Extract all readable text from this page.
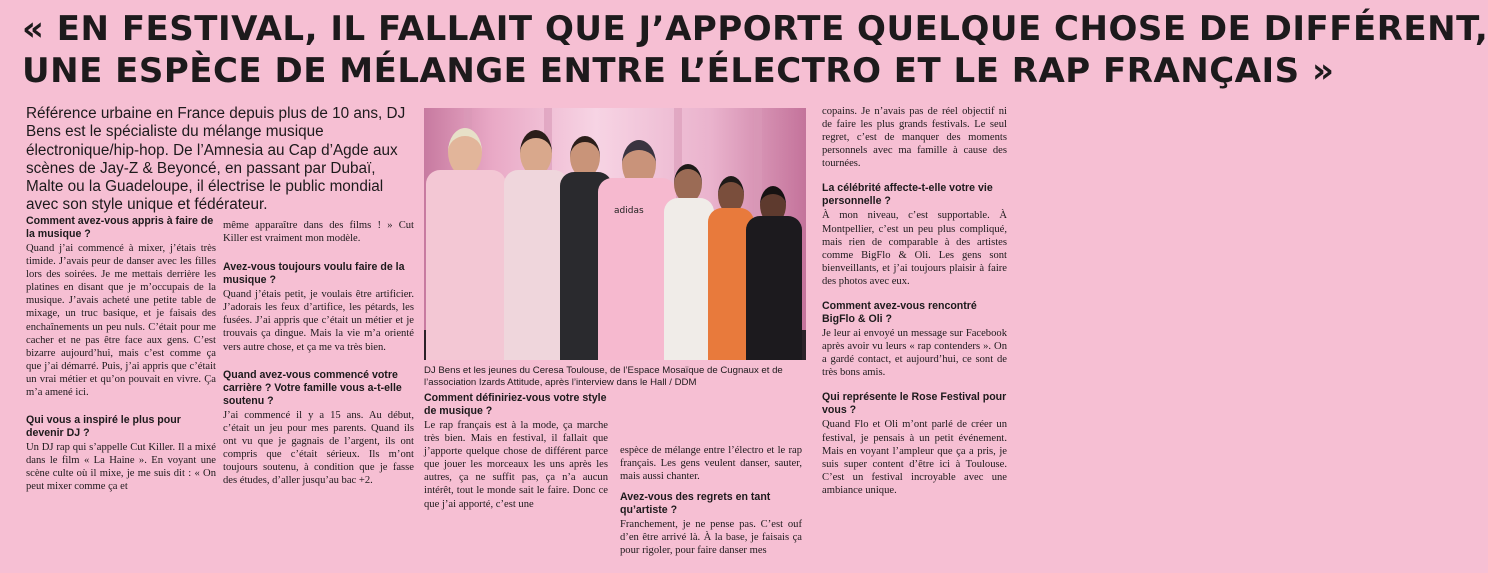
« EN FESTIVAL, IL FALLAIT QUE J’APPORTE QUELQUE CHOSE DE DIFFÉRENT,
UNE ESPÈCE DE MÉLANGE ENTRE L’ÉLECTRO ET LE RAP FRANÇAIS »

Référence urbaine en France depuis plus de 10 ans, DJ Bens est le spécialiste du mélange musique électronique/hip-hop. De l’Amnesia au Cap d’Agde aux scènes de Jay-Z & Beyoncé, en passant par Dubaï, Malte ou la Guadeloupe, il électrise le public mondial avec son style unique et fédérateur.

Comment avez-vous appris à faire de la musique ?

Quand j’ai commencé à mixer, j’étais très timide. J’avais peur de danser avec les filles lors des soirées. Je me mettais derrière les platines en disant que je m’occupais de la musique. J’avais acheté une petite table de mixage, un truc basique, et je faisais des enchaînements un peu nuls. C’était pour me cacher et ne pas être face aux gens. C’est bizarre aujourd’hui, mais c’est comme ça que j’ai démarré. Puis, j’ai appris que c’était un vrai métier et qu’on pouvait en vivre. Ça m’a amené ici.

Qui vous a inspiré le plus pour devenir DJ ?

Un DJ rap qui s’appelle Cut Killer. Il a mixé dans le film « La Haine ». En voyant une scène culte où il mixe, je me suis dit : « On peut mixer comme ça et

même apparaître dans des films ! » Cut Killer est vraiment mon modèle.

Avez-vous toujours voulu faire de la musique ?

Quand j’étais petit, je voulais être artificier. J’adorais les feux d’artifice, les pétards, les fusées. J’ai appris que c’était un métier et je trouvais ça dingue. Mais la vie m’a orienté vers autre chose, et ça me va très bien.

Quand avez-vous commencé votre carrière ? Votre famille vous a-t-elle soutenu ?

J’ai commencé il y a 15 ans. Au début, c’était un jeu pour mes parents. Quand ils ont vu que je gagnais de l’argent, ils ont compris que c’était sérieux. Ils m’ont toujours soutenu, à condition que je fasse des études, d’aller jusqu’au bac +2.

adidas

DJ Bens et les jeunes du Ceresa Toulouse, de l’Espace Mosaïque de Cugnaux et de l’association Izards Attitude, après l’interview dans le Hall / DDM

Comment définiriez-vous votre style de musique ?

Le rap français est à la mode, ça marche très bien. Mais en festival, il fallait que j’apporte quelque chose de différent parce que jouer les morceaux les uns après les autres, ça ne suffit pas, ça n’a aucun intérêt, tout le monde sait le faire. Donc ce que j’ai apporté, c’est une

espèce de mélange entre l’électro et le rap français. Les gens veulent danser, sauter, mais aussi chanter.

Avez-vous des regrets en tant qu’artiste ?

Franchement, je ne pense pas. C’est ouf d’en être arrivé là. À la base, je faisais ça pour rigoler, pour faire danser mes

copains. Je n’avais pas de réel objectif ni de faire les plus grands festivals. Le seul regret, c’est de manquer des moments personnels avec ma famille à cause des tournées.

La célébrité affecte-t-elle votre vie personnelle ?

À mon niveau, c’est supportable. À Montpellier, c’est un peu plus compliqué, mais rien de comparable à des artistes comme BigFlo & Oli. Les gens sont bienveillants, et j’ai toujours plaisir à faire des photos avec eux.

Comment avez-vous rencontré BigFlo & Oli ?

Je leur ai envoyé un message sur Facebook après avoir vu leurs « rap contenders ». On a gardé contact, et aujourd’hui, ce sont de très bons amis.

Qui représente le Rose Festival pour vous ?

Quand Flo et Oli m’ont parlé de créer un festival, je pensais à un petit événement. Mais en voyant l’ampleur que ça a pris, je suis super content d’être ici à Toulouse. C’est un festival incroyable avec une ambiance unique.
